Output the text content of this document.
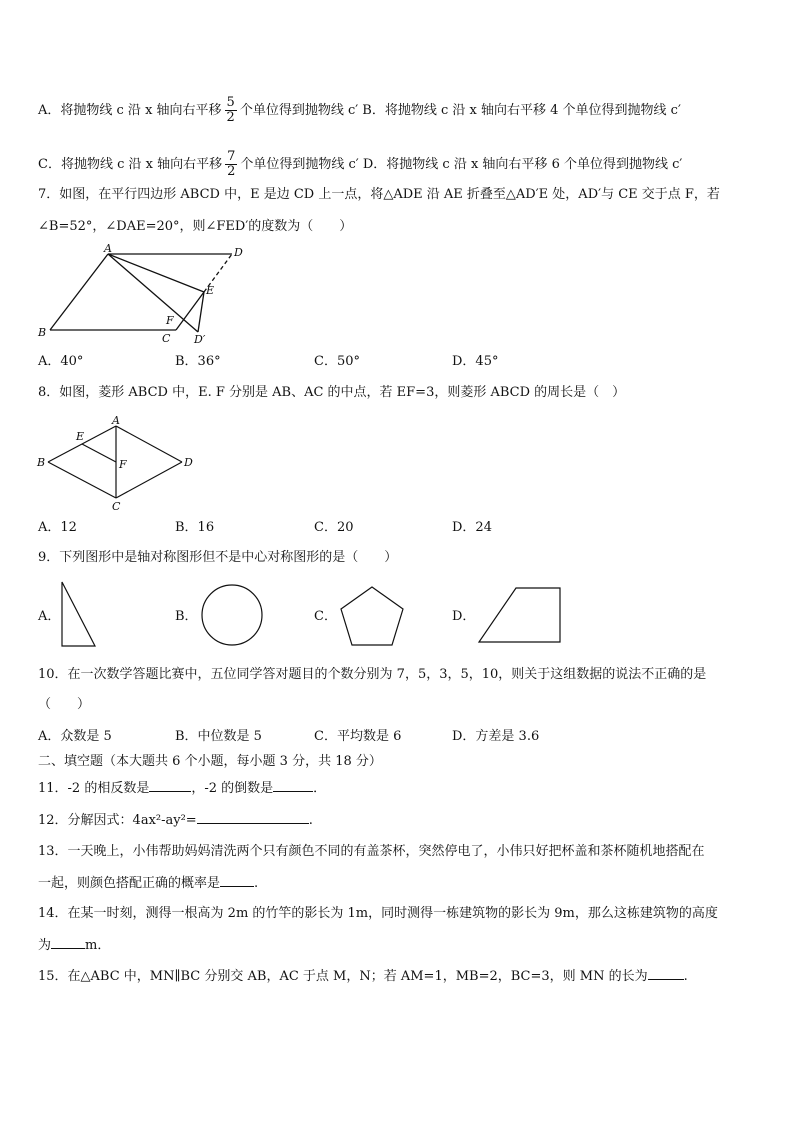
A．将抛物线 c 沿 x 轴向右平移 $\frac{5}{2}$ 个单位得到抛物线 c′ B．将抛物线 c 沿 x 轴向右平移 4 个单位得到抛物线 c′
C．将抛物线 c 沿 x 轴向右平移 $\frac{7}{2}$ 个单位得到抛物线 c′ D．将抛物线 c 沿 x 轴向右平移 6 个单位得到抛物线 c′
7．如图，在平行四边形 ABCD 中，E 是边 CD 上一点，将△ADE 沿 AE 折叠至△AD′E 处，AD′与 CE 交于点 F，若
∠B=52°，∠DAE=20°，则∠FED′的度数为（　　）
A
B	C
D
E
F
D′
A．40°	B．36°	C．50°	D．45°
8．如图，菱形 ABCD 中，E. F 分别是 AB、AC 的中点，若 EF=3，则菱形 ABCD 的周长是（　）
A
B
C
D
E
F
A．12	B．16	C．20	D．24
9．下列图形中是轴对称图形但不是中心对称图形的是（　　）
A．	B．	C．	D．
10．在一次数学答题比赛中，五位同学答对题目的个数分别为 7，5，3，5，10，则关于这组数据的说法不正确的是
（　　）
A．众数是 5	B．中位数是 5	C．平均数是 6	D．方差是 3.6
二、填空题（本大题共 6 个小题，每小题 3 分，共 18 分）
11．-2 的相反数是	，-2 的倒数是	．
12．分解因式：4ax²-ay²=	.
13．一天晚上，小伟帮助妈妈清洗两个只有颜色不同的有盖茶杯，突然停电了，小伟只好把杯盖和茶杯随机地搭配在
一起，则颜色搭配正确的概率是	.
14．在某一时刻，测得一根高为 2m 的竹竿的影长为 1m，同时测得一栋建筑物的影长为 9m，那么这栋建筑物的高度
为	m．
15．在△ABC 中，MN∥BC 分别交 AB，AC 于点 M，N；若 AM=1，MB=2，BC=3，则 MN 的长为	.
